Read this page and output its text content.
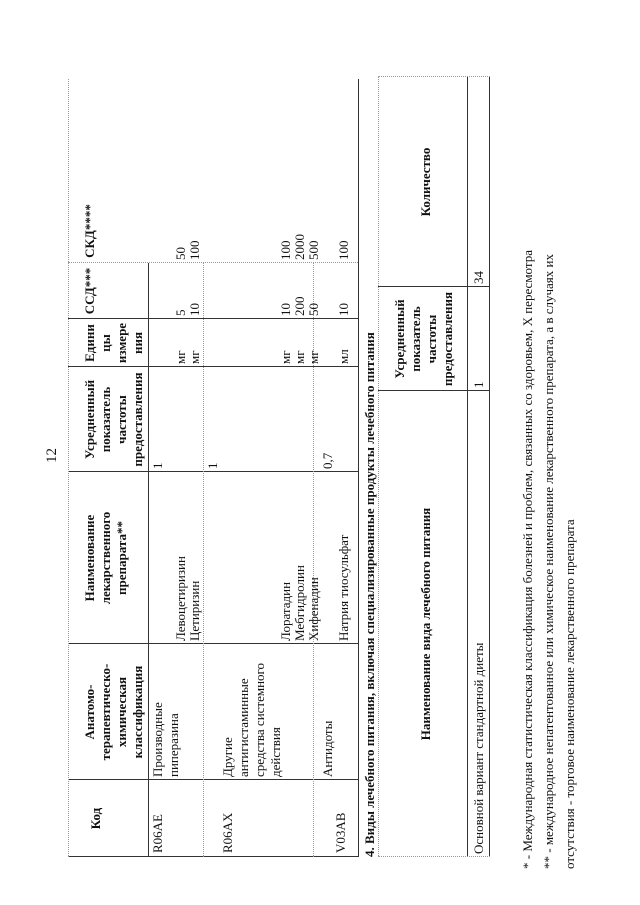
12
Код
Анатомо-
терапевтическо-
химическая
классификация
Наименование лекарственного
препарата**
Усредненный
показатель
частоты
предоставления
Едини
цы
измере
ния
ССД***
СКД****
R06AE
Производные
пиперазина
1
Левоцетиризин
мг
5
50
Цетиризин
мг
10
100
R06AX
Другие
антигистаминные
средства системного
действия
1
Лоратадин
мг
10
100
Мебгидролин
мг
200
2000
Хифенадин
мг
50
500
V03AB
Антидоты
0,7
Натрия тиосульфат
мл
10
100
4. Виды лечебного питания, включая специализированные продукты лечебного питания	Наименование вида лечебного питания
Усредненный
показатель
частоты
предоставления
Количество
Основной вариант стандартной диеты
1
34	* - Международная статистическая классификация болезней и проблем, связанных со здоровьем, X пересмотра ** - международное непатентованное или химическое наименование лекарственного препарата, а в случаях их отсутствия - торговое наименование лекарственного препарата
